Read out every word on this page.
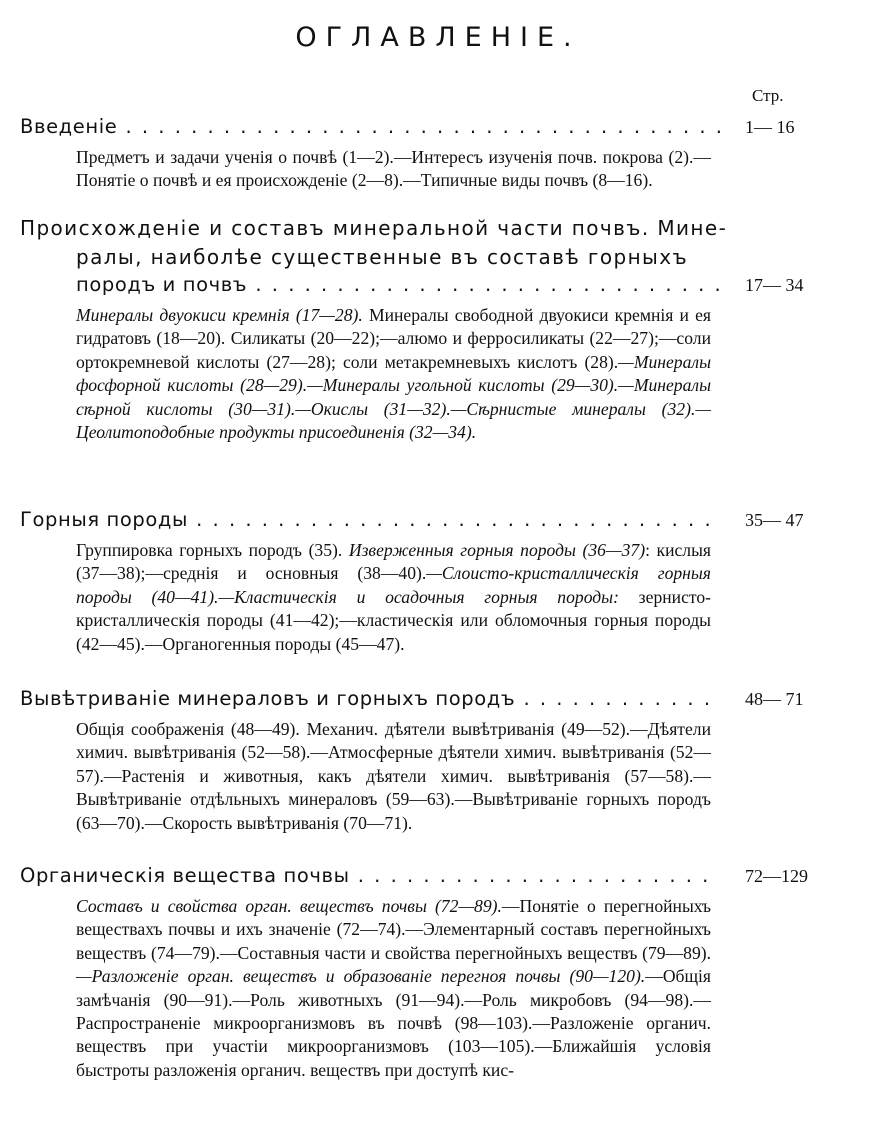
ОГЛАВЛЕНІЕ.
Стр.
Введеніе . . .	1— 16
Предметъ и задачи ученія о почвѣ (1—2).—Интересъ изученія почв. покрова (2).—Понятіе о почвѣ и ея происхожденіе (2—8).—Типичные виды почвъ (8—16).
Происхожденіе и составъ минеральной части почвъ. Мине-
ралы, наиболѣе существенные въ составѣ горныхъ
породъ и почвъ . . .	17— 34
Минералы двуокиси кремнія (17—28). Минералы свободной двуокиси кремнія и ея гидратовъ (18—20). Силикаты (20—22);—алюмо и ферросиликаты (22—27);—соли ортокремневой кислоты (27—28); соли метакремневыхъ кислотъ (28).—Минералы фосфорной кислоты (28—29).—Минералы угольной кислоты (29—30).—Минералы сѣрной кислоты (30—31).—Окислы (31—32).—Сѣрнистые минералы (32).—Цеолитоподобные продукты присоединенія (32—34).
Горныя породы . . .	35— 47
Группировка горныхъ породъ (35). Изверженныя горныя породы (36—37): кислыя (37—38);—среднія и основныя (38—40).—Слоисто-кристаллическія горныя породы (40—41).—Кластическія и осадочныя горныя породы: зернисто-кристаллическія породы (41—42);—кластическія или обломочныя горныя породы (42—45).—Органогенныя породы (45—47).
Вывѣтриваніе минераловъ и горныхъ породъ . . .	48— 71
Общія соображенія (48—49). Механич. дѣятели вывѣтриванія (49—52).—Дѣятели химич. вывѣтриванія (52—58).—Атмосферные дѣятели химич. вывѣтриванія (52—57).—Растенія и животныя, какъ дѣятели химич. вывѣтриванія (57—58).—Вывѣтриваніе отдѣльныхъ минераловъ (59—63).—Вывѣтриваніе горныхъ породъ (63—70).—Скорость вывѣтриванія (70—71).
Органическія вещества почвы . . .	72—129
Составъ и свойства орган. веществъ почвы (72—89).—Понятіе о перегнойныхъ веществахъ почвы и ихъ значеніе (72—74).—Элементарный составъ перегнойныхъ веществъ (74—79).—Составныя части и свойства перегнойныхъ веществъ (79—89).—Разложеніе орган. веществъ и образованіе перегноя почвы (90—120).—Общія замѣчанія (90—91).—Роль животныхъ (91—94).—Роль микробовъ (94—98).—Распространеніе микроорганизмовъ въ почвѣ (98—103).—Разложеніе органич. веществъ при участіи микроорганизмовъ (103—105).—Ближайшія условія быстроты разложенія органич. веществъ при доступѣ кис-
